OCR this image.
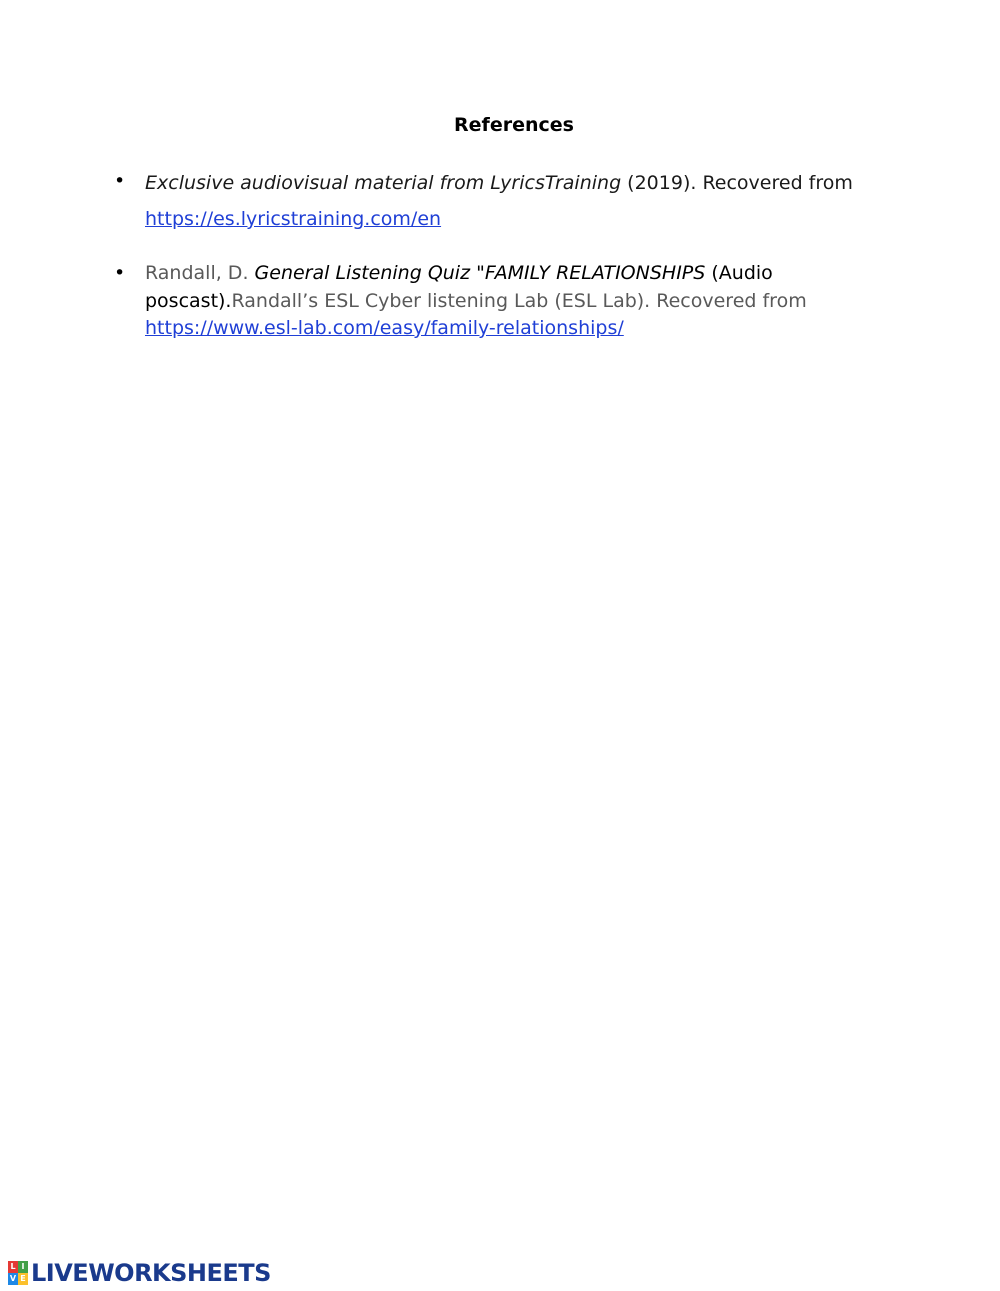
References
• Exclusive audiovisual material from LyricsTraining (2019). Recovered from
https://es.lyricstraining.com/en
• Randall, D. General Listening Quiz "FAMILY RELATIONSHIPS (Audio
poscast).Randall’s ESL Cyber listening Lab (ESL Lab). Recovered from
https://www.esl-lab.com/easy/family-relationships/
L I
V E LIVEWORKSHEETS
